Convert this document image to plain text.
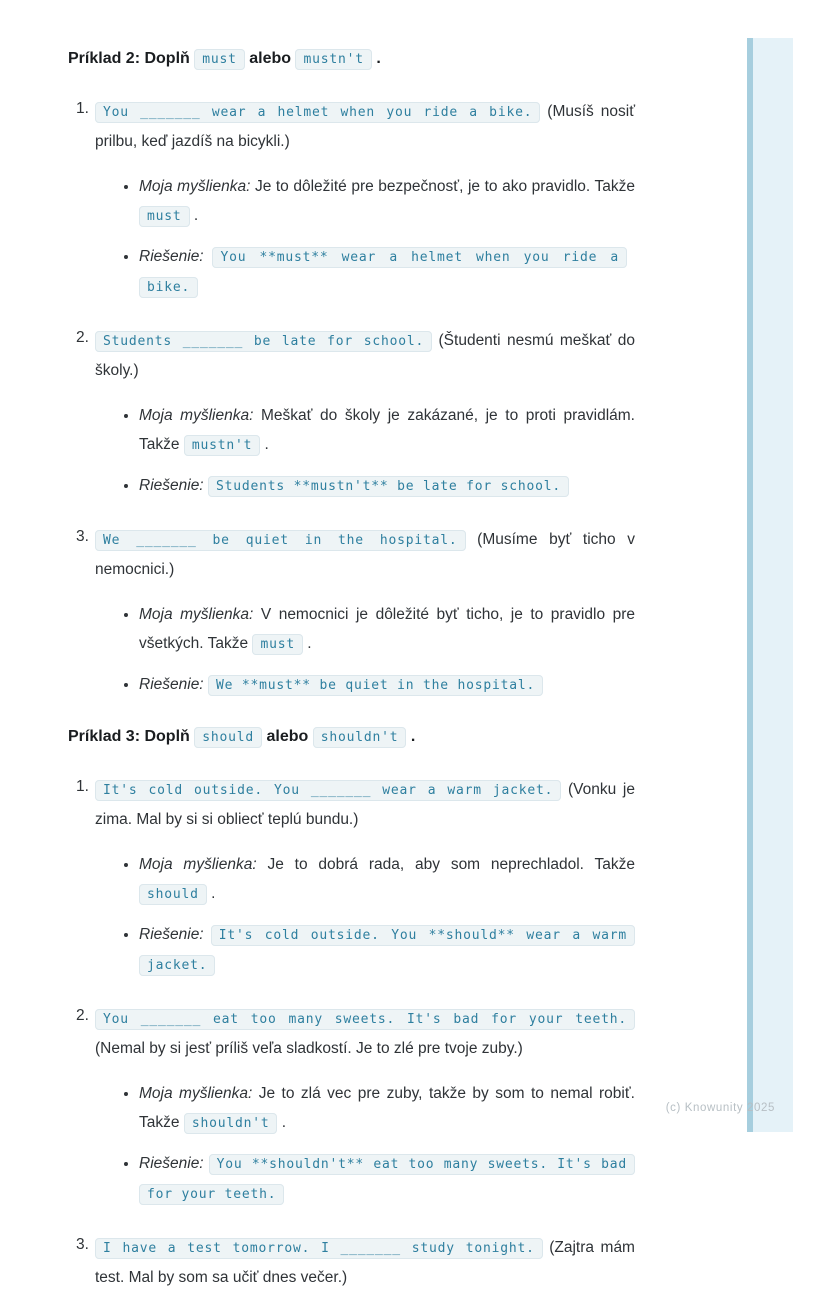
Príklad 2: Doplň must alebo mustn't .
1.	You _______ wear a helmet when you ride a bike. (Musíš nosiť prilbu, keď jazdíš na bicykli.)

• Moja myšlienka: Je to dôležité pre bezpečnosť, je to ako pravidlo. Takže must .

• Riešenie: You **must** wear a helmet when you ride a bike.

2.	Students _______ be late for school. (Študenti nesmú meškať do školy.)

• Moja myšlienka: Meškať do školy je zakázané, je to proti pravidlám. Takže mustn't .

• Riešenie: Students **mustn't** be late for school.

3.	We _______ be quiet in the hospital. (Musíme byť ticho v nemocnici.)

• Moja myšlienka: V nemocnici je dôležité byť ticho, je to pravidlo pre všetkých. Takže must .

• Riešenie: We **must** be quiet in the hospital.

Príklad 3: Doplň should alebo shouldn't .
1.	It's cold outside. You _______ wear a warm jacket. (Vonku je zima. Mal by si si obliecť teplú bundu.)

• Moja myšlienka: Je to dobrá rada, aby som neprechladol. Takže should .

• Riešenie: It's cold outside. You **should** wear a warm jacket.

2.	You _______ eat too many sweets. It's bad for your teeth. (Nemal by si jesť príliš veľa sladkostí. Je to zlé pre tvoje zuby.)

• Moja myšlienka: Je to zlá vec pre zuby, takže by som to nemal robiť. Takže shouldn't .

• Riešenie: You **shouldn't** eat too many sweets. It's bad for your teeth.

3.	I have a test tomorrow. I _______ study tonight. (Zajtra mám test. Mal by som sa učiť dnes večer.)

(c) Knowunity 2025
